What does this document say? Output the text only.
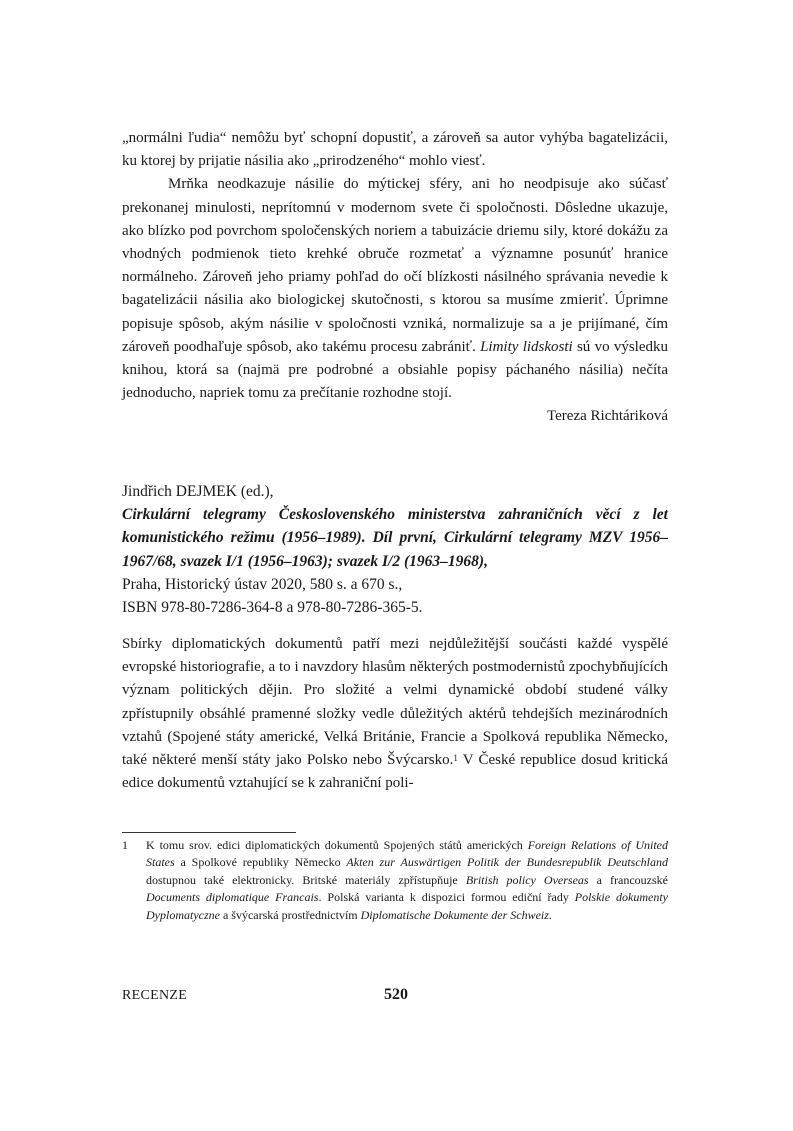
„normálni ľudia“ nemôžu byť schopní dopustiť, a zároveň sa autor vyhýba bagatelizácii, ku ktorej by prijatie násilia ako „prirodzeného“ mohlo viesť.

Mrňka neodkazuje násilie do mýtickej sféry, ani ho neodpisuje ako súčasť prekonanej minulosti, neprítomnú v modernom svete či spoločnosti. Dôsledne ukazuje, ako blízko pod povrchom spoločenských noriem a tabuizácie driemu sily, ktoré dokážu za vhodných podmienok tieto krehké obruče rozmetať a významne posunúť hranice normálneho. Zároveň jeho priamy pohľad do očí blízkosti násilného správania nevedie k bagatelizácii násilia ako biologickej skutočnosti, s ktorou sa musíme zmieriť. Úprimne popisuje spôsob, akým násilie v spoločnosti vzniká, normalizuje sa a je prijímané, čím zároveň poodhaľuje spôsob, ako takému procesu zabrániť. Limity lidskosti sú vo výsledku knihou, ktorá sa (najmä pre podrobné a obsiahle popisy páchaného násilia) nečíta jednoducho, napriek tomu za prečítanie rozhodne stojí.

Tereza Richtáriková

Jindřich DEJMEK (ed.),
Cirkulární telegramy Československého ministerstva zahraničních věcí z let komunistického režimu (1956–1989). Díl první, Cirkulární telegramy MZV 1956–1967/68, svazek I/1 (1956–1963); svazek I/2 (1963–1968),
Praha, Historický ústav 2020, 580 s. a 670 s.,
ISBN 978-80-7286-364-8 a 978-80-7286-365-5.

Sbírky diplomatických dokumentů patří mezi nejdůležitější součásti každé vyspělé evropské historiografie, a to i navzdory hlasům některých postmodernistů zpochybňujících význam politických dějin. Pro složité a velmi dynamické období studené války zpřístupnily obsáhlé pramenné složky vedle důležitých aktérů tehdejších mezinárodních vztahů (Spojené státy americké, Velká Británie, Francie a Spolková republika Německo, také některé menší státy jako Polsko nebo Švýcarsko.$^1$ V České republice dosud kritická edice dokumentů vztahující se k zahraniční poli-

1 K tomu srov. edici diplomatických dokumentů Spojených států amerických Foreign Relations of United States a Spolkové republiky Německo Akten zur Auswärtigen Politik der Bundesrepublik Deutschland dostupnou také elektronicky. Britské materiály zpřístupňuje British policy Overseas a francouzské Documents diplomatique Francais. Polská varianta k dispozici formou ediční řady Polskie dokumenty Dyplomatyczne a švýcarská prostřednictvím Diplomatische Dokumente der Schweiz.
RECENZE	520
